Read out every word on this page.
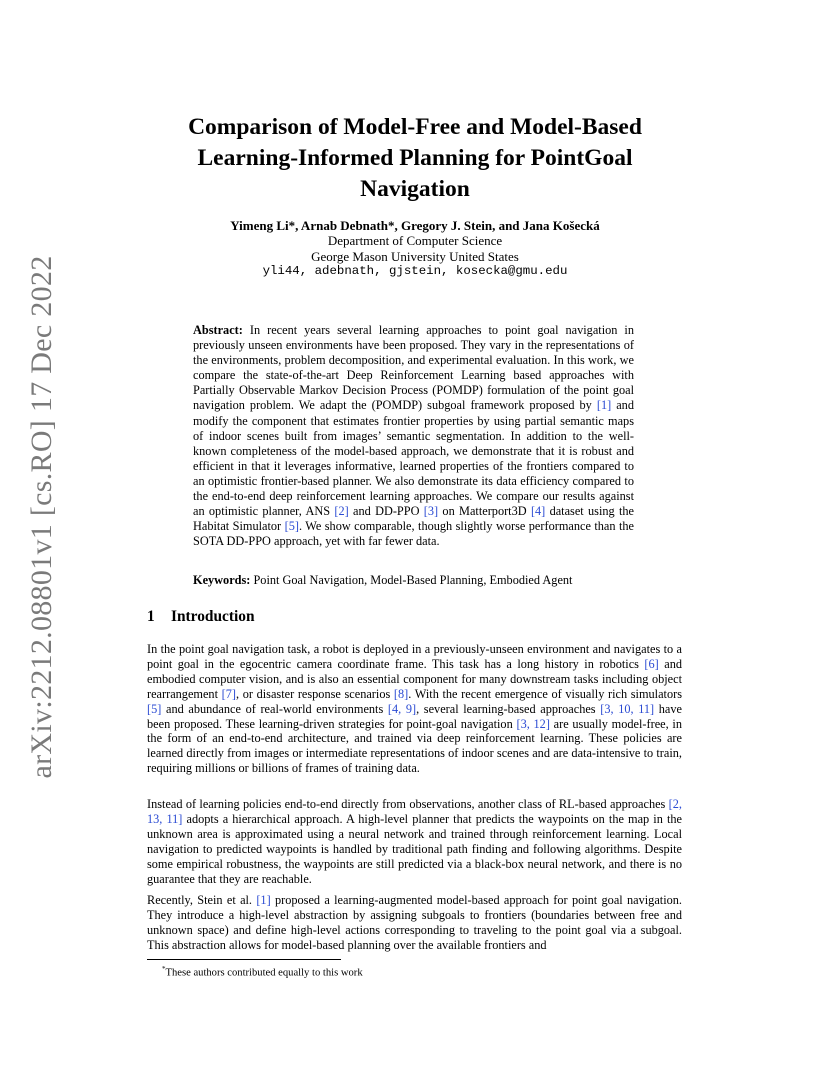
arXiv:2212.08801v1 [cs.RO] 17 Dec 2022
Comparison of Model-Free and Model-Based
Learning-Informed Planning for PointGoal
Navigation
Yimeng Li*, Arnab Debnath*, Gregory J. Stein, and Jana Košecká
Department of Computer Science
George Mason University United States
yli44, adebnath, gjstein, kosecka@gmu.edu
Abstract: In recent years several learning approaches to point goal navigation in previously unseen environments have been proposed. They vary in the representations of the environments, problem decomposition, and experimental evaluation. In this work, we compare the state-of-the-art Deep Reinforcement Learning based approaches with Partially Observable Markov Decision Process (POMDP) formulation of the point goal navigation problem. We adapt the (POMDP) subgoal framework proposed by [1] and modify the component that estimates frontier properties by using partial semantic maps of indoor scenes built from images’ semantic segmentation. In addition to the well-known completeness of the model-based approach, we demonstrate that it is robust and efficient in that it leverages informative, learned properties of the frontiers compared to an optimistic frontier-based planner. We also demonstrate its data efficiency compared to the end-to-end deep reinforcement learning approaches. We compare our results against an optimistic planner, ANS [2] and DD-PPO [3] on Matterport3D [4] dataset using the Habitat Simulator [5]. We show comparable, though slightly worse performance than the SOTA DD-PPO approach, yet with far fewer data.
Keywords: Point Goal Navigation, Model-Based Planning, Embodied Agent
1 Introduction
In the point goal navigation task, a robot is deployed in a previously-unseen environment and navigates to a point goal in the egocentric camera coordinate frame. This task has a long history in robotics [6] and embodied computer vision, and is also an essential component for many downstream tasks including object rearrangement [7], or disaster response scenarios [8]. With the recent emergence of visually rich simulators [5] and abundance of real-world environments [4, 9], several learning-based approaches [3, 10, 11] have been proposed. These learning-driven strategies for point-goal navigation [3, 12] are usually model-free, in the form of an end-to-end architecture, and trained via deep reinforcement learning. These policies are learned directly from images or intermediate representations of indoor scenes and are data-intensive to train, requiring millions or billions of frames of training data.
Instead of learning policies end-to-end directly from observations, another class of RL-based approaches [2, 13, 11] adopts a hierarchical approach. A high-level planner that predicts the waypoints on the map in the unknown area is approximated using a neural network and trained through reinforcement learning. Local navigation to predicted waypoints is handled by traditional path finding and following algorithms. Despite some empirical robustness, the waypoints are still predicted via a black-box neural network, and there is no guarantee that they are reachable.
Recently, Stein et al. [1] proposed a learning-augmented model-based approach for point goal navigation. They introduce a high-level abstraction by assigning subgoals to frontiers (boundaries between free and unknown space) and define high-level actions corresponding to traveling to the point goal via a subgoal. This abstraction allows for model-based planning over the available frontiers and
*These authors contributed equally to this work
